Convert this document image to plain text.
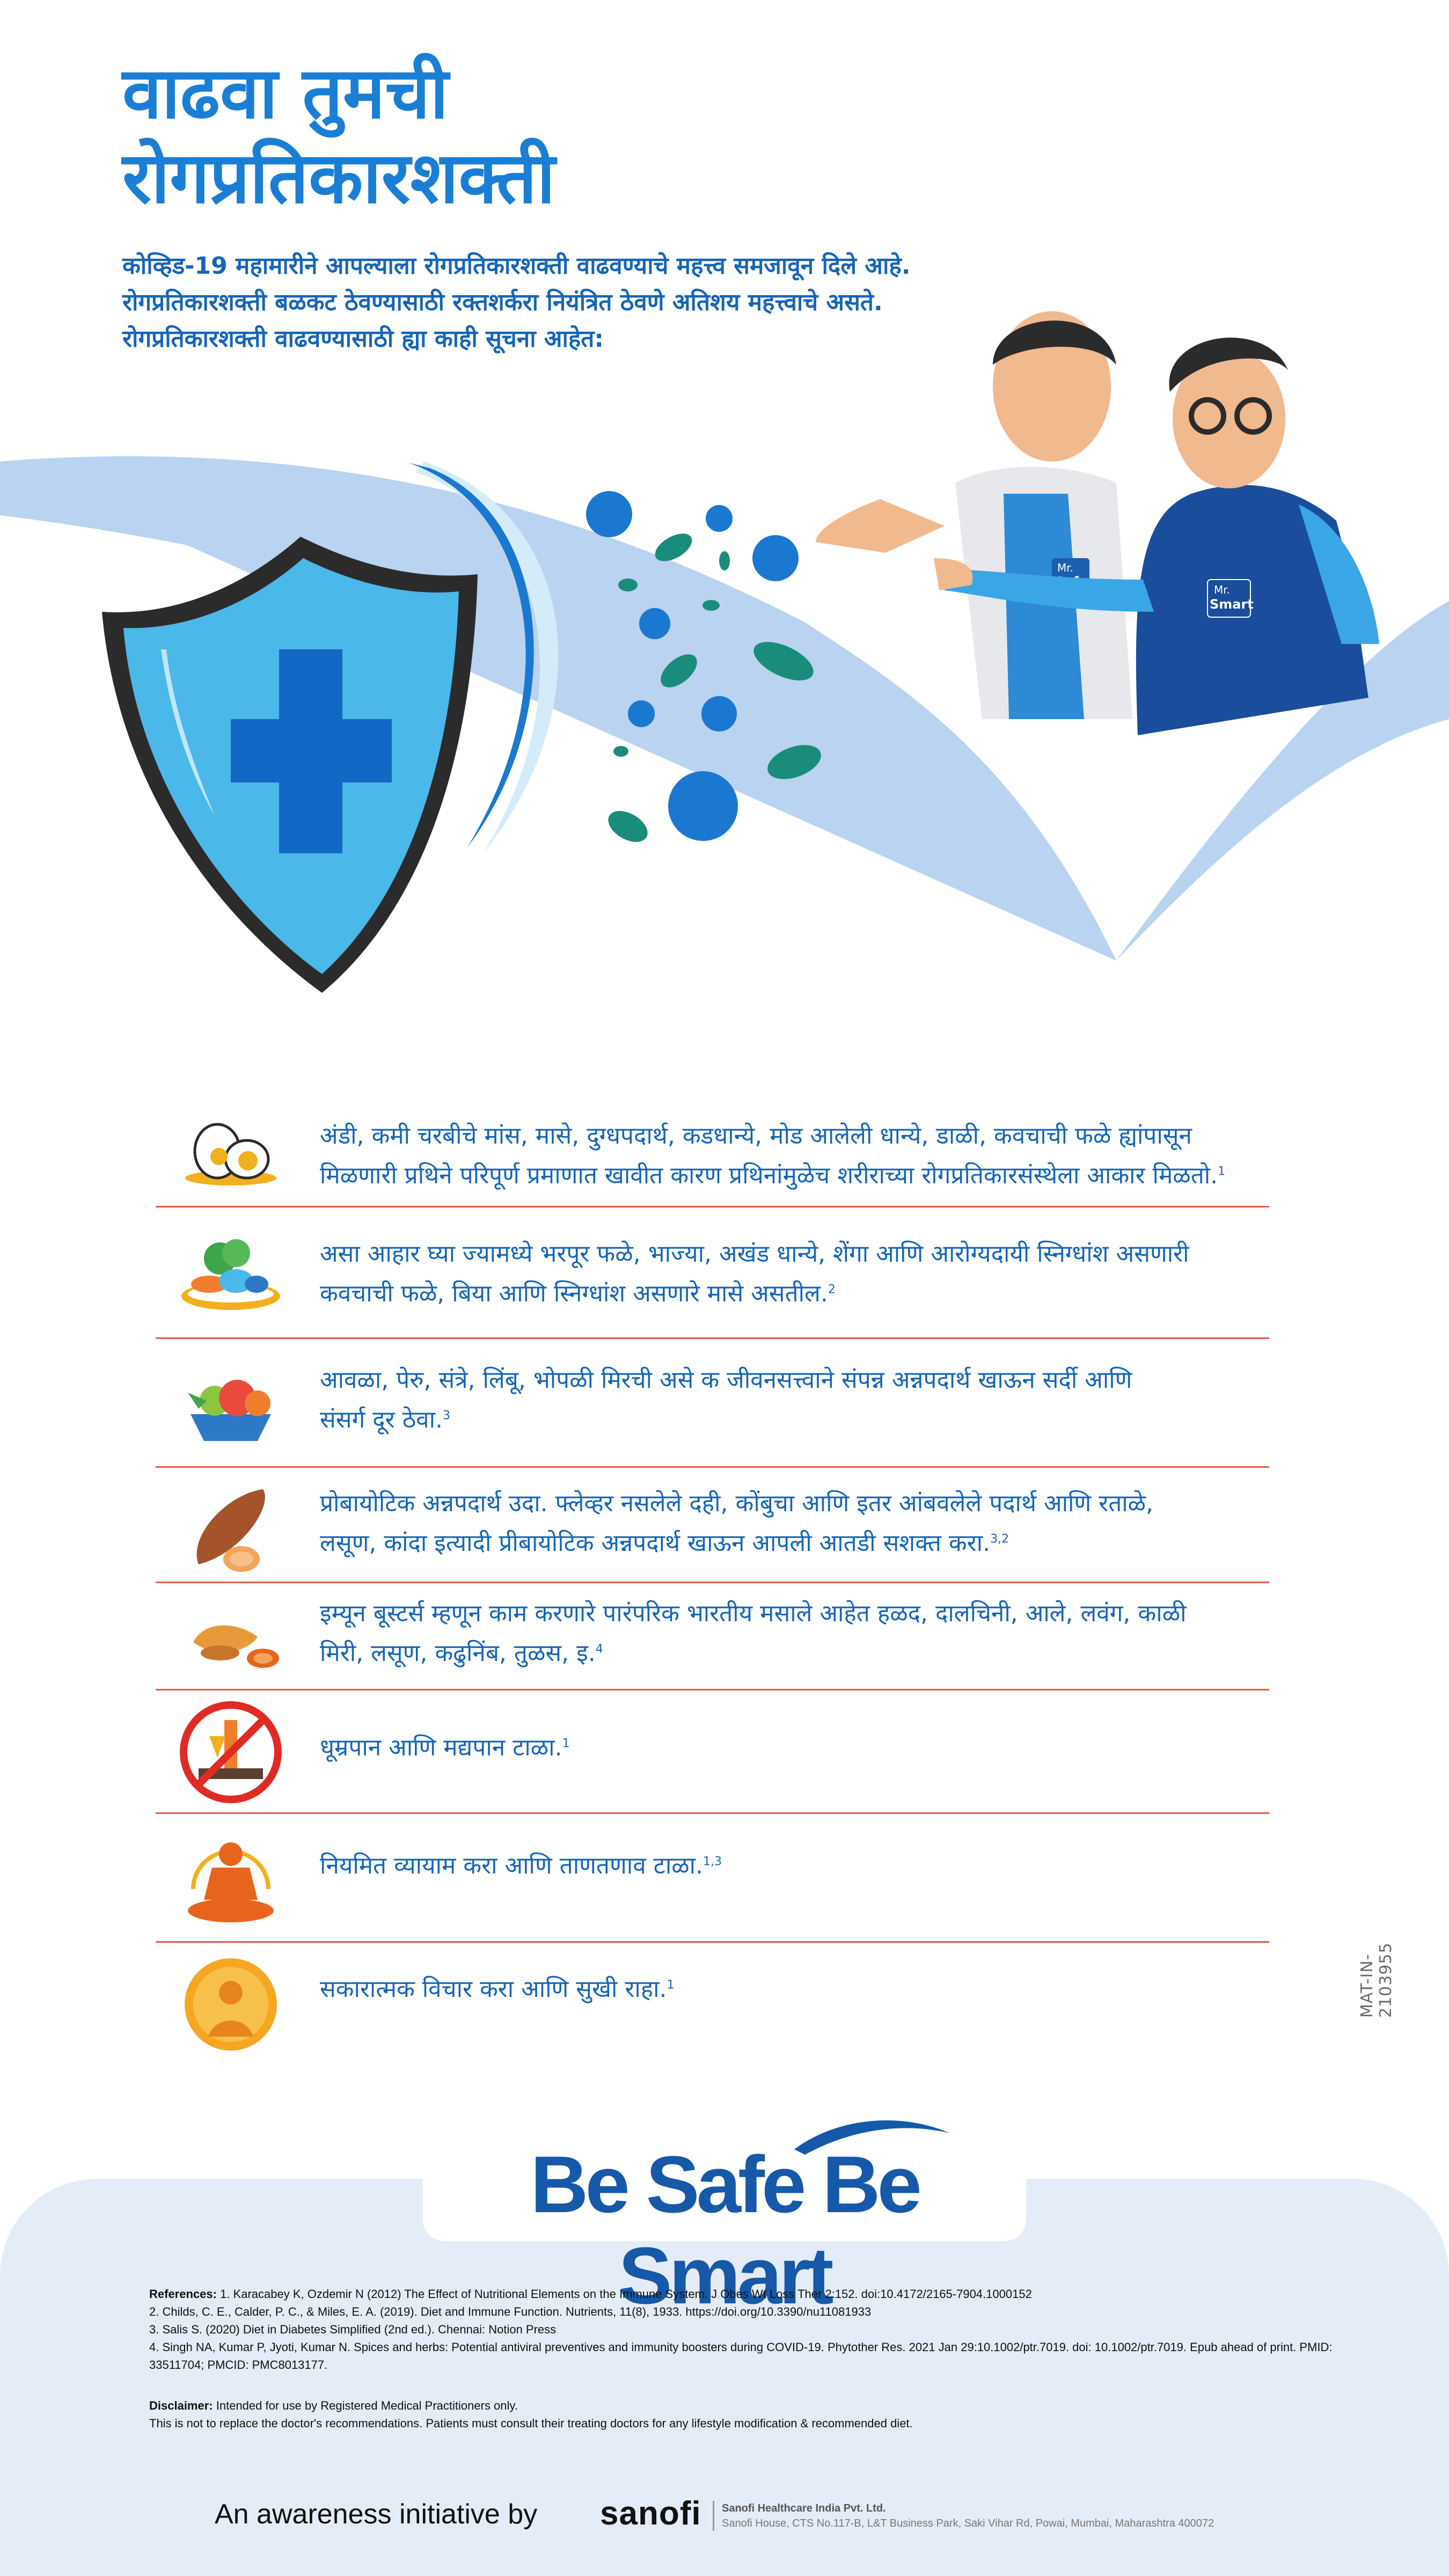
वाढवा तुमची
रोगप्रतिकारशक्ती
कोव्हिड-19 महामारीने आपल्याला रोगप्रतिकारशक्ती वाढवण्याचे महत्त्व समजावून दिले आहे.
रोगप्रतिकारशक्ती बळकट ठेवण्यासाठी रक्तशर्करा नियंत्रित ठेवणे अतिशय महत्त्वाचे असते.
रोगप्रतिकारशक्ती वाढवण्यासाठी ह्या काही सूचना आहेत:
Mr.
Mr.
Smart
अंडी, कमी चरबीचे मांस, मासे, दुग्धपदार्थ, कडधान्ये, मोड आलेली धान्ये, डाळी, कवचाची फळे ह्यांपासून
मिळणारी प्रथिने परिपूर्ण प्रमाणात खावीत कारण प्रथिनांमुळेच शरीराच्या रोगप्रतिकारसंस्थेला आकार मिळतो.$^1$
असा आहार घ्या ज्यामध्ये भरपूर फळे, भाज्या, अखंड धान्ये, शेंगा आणि आरोग्यदायी स्निग्धांश असणारी
कवचाची फळे, बिया आणि स्निग्धांश असणारे मासे असतील.$^2$
आवळा, पेरु, संत्रे, लिंबू, भोपळी मिरची असे क जीवनसत्त्वाने संपन्न अन्नपदार्थ खाऊन सर्दी आणि
संसर्ग दूर ठेवा.$^3$
प्रोबायोटिक अन्नपदार्थ उदा. फ्लेव्हर नसलेले दही, कोंबुचा आणि इतर आंबवलेले पदार्थ आणि रताळे,
लसूण, कांदा इत्यादी प्रीबायोटिक अन्नपदार्थ खाऊन आपली आतडी सशक्त करा.$^{3,2}$
इम्यून बूस्टर्स म्हणून काम करणारे पारंपरिक भारतीय मसाले आहेत हळद, दालचिनी, आले, लवंग, काळी
मिरी, लसूण, कढुनिंब, तुळस, इ.$^4$
धूम्रपान आणि मद्यपान टाळा.$^1$
नियमित व्यायाम करा आणि ताणतणाव टाळा.$^{1,3}$
सकारात्मक विचार करा आणि सुखी राहा.$^1$	MAT-IN-2103955
Be Safe Be Smart
References: 1. Karacabey K, Ozdemir N (2012) The Effect of Nutritional Elements on the Immune System. J Obes Wt Loss Ther 2:152. doi:10.4172/2165-7904.1000152
2. Childs, C. E., Calder, P. C., & Miles, E. A. (2019). Diet and Immune Function. Nutrients, 11(8), 1933. https://doi.org/10.3390/nu11081933
3. Salis S. (2020) Diet in Diabetes Simplified (2nd ed.). Chennai: Notion Press
4. Singh NA, Kumar P, Jyoti, Kumar N. Spices and herbs: Potential antiviral preventives and immunity boosters during COVID-19. Phytother Res. 2021 Jan 29:10.1002/ptr.7019. doi: 10.1002/ptr.7019. Epub ahead of print. PMID:
33511704; PMCID: PMC8013177.
Disclaimer: Intended for use by Registered Medical Practitioners only.
This is not to replace the doctor's recommendations. Patients must consult their treating doctors for any lifestyle modification & recommended diet.
An awareness initiative by sanofi Sanofi Healthcare India Pvt. Ltd.
Sanofi House, CTS No.117-B, L&T Business Park, Saki Vihar Rd, Powai, Mumbai, Maharashtra 400072
